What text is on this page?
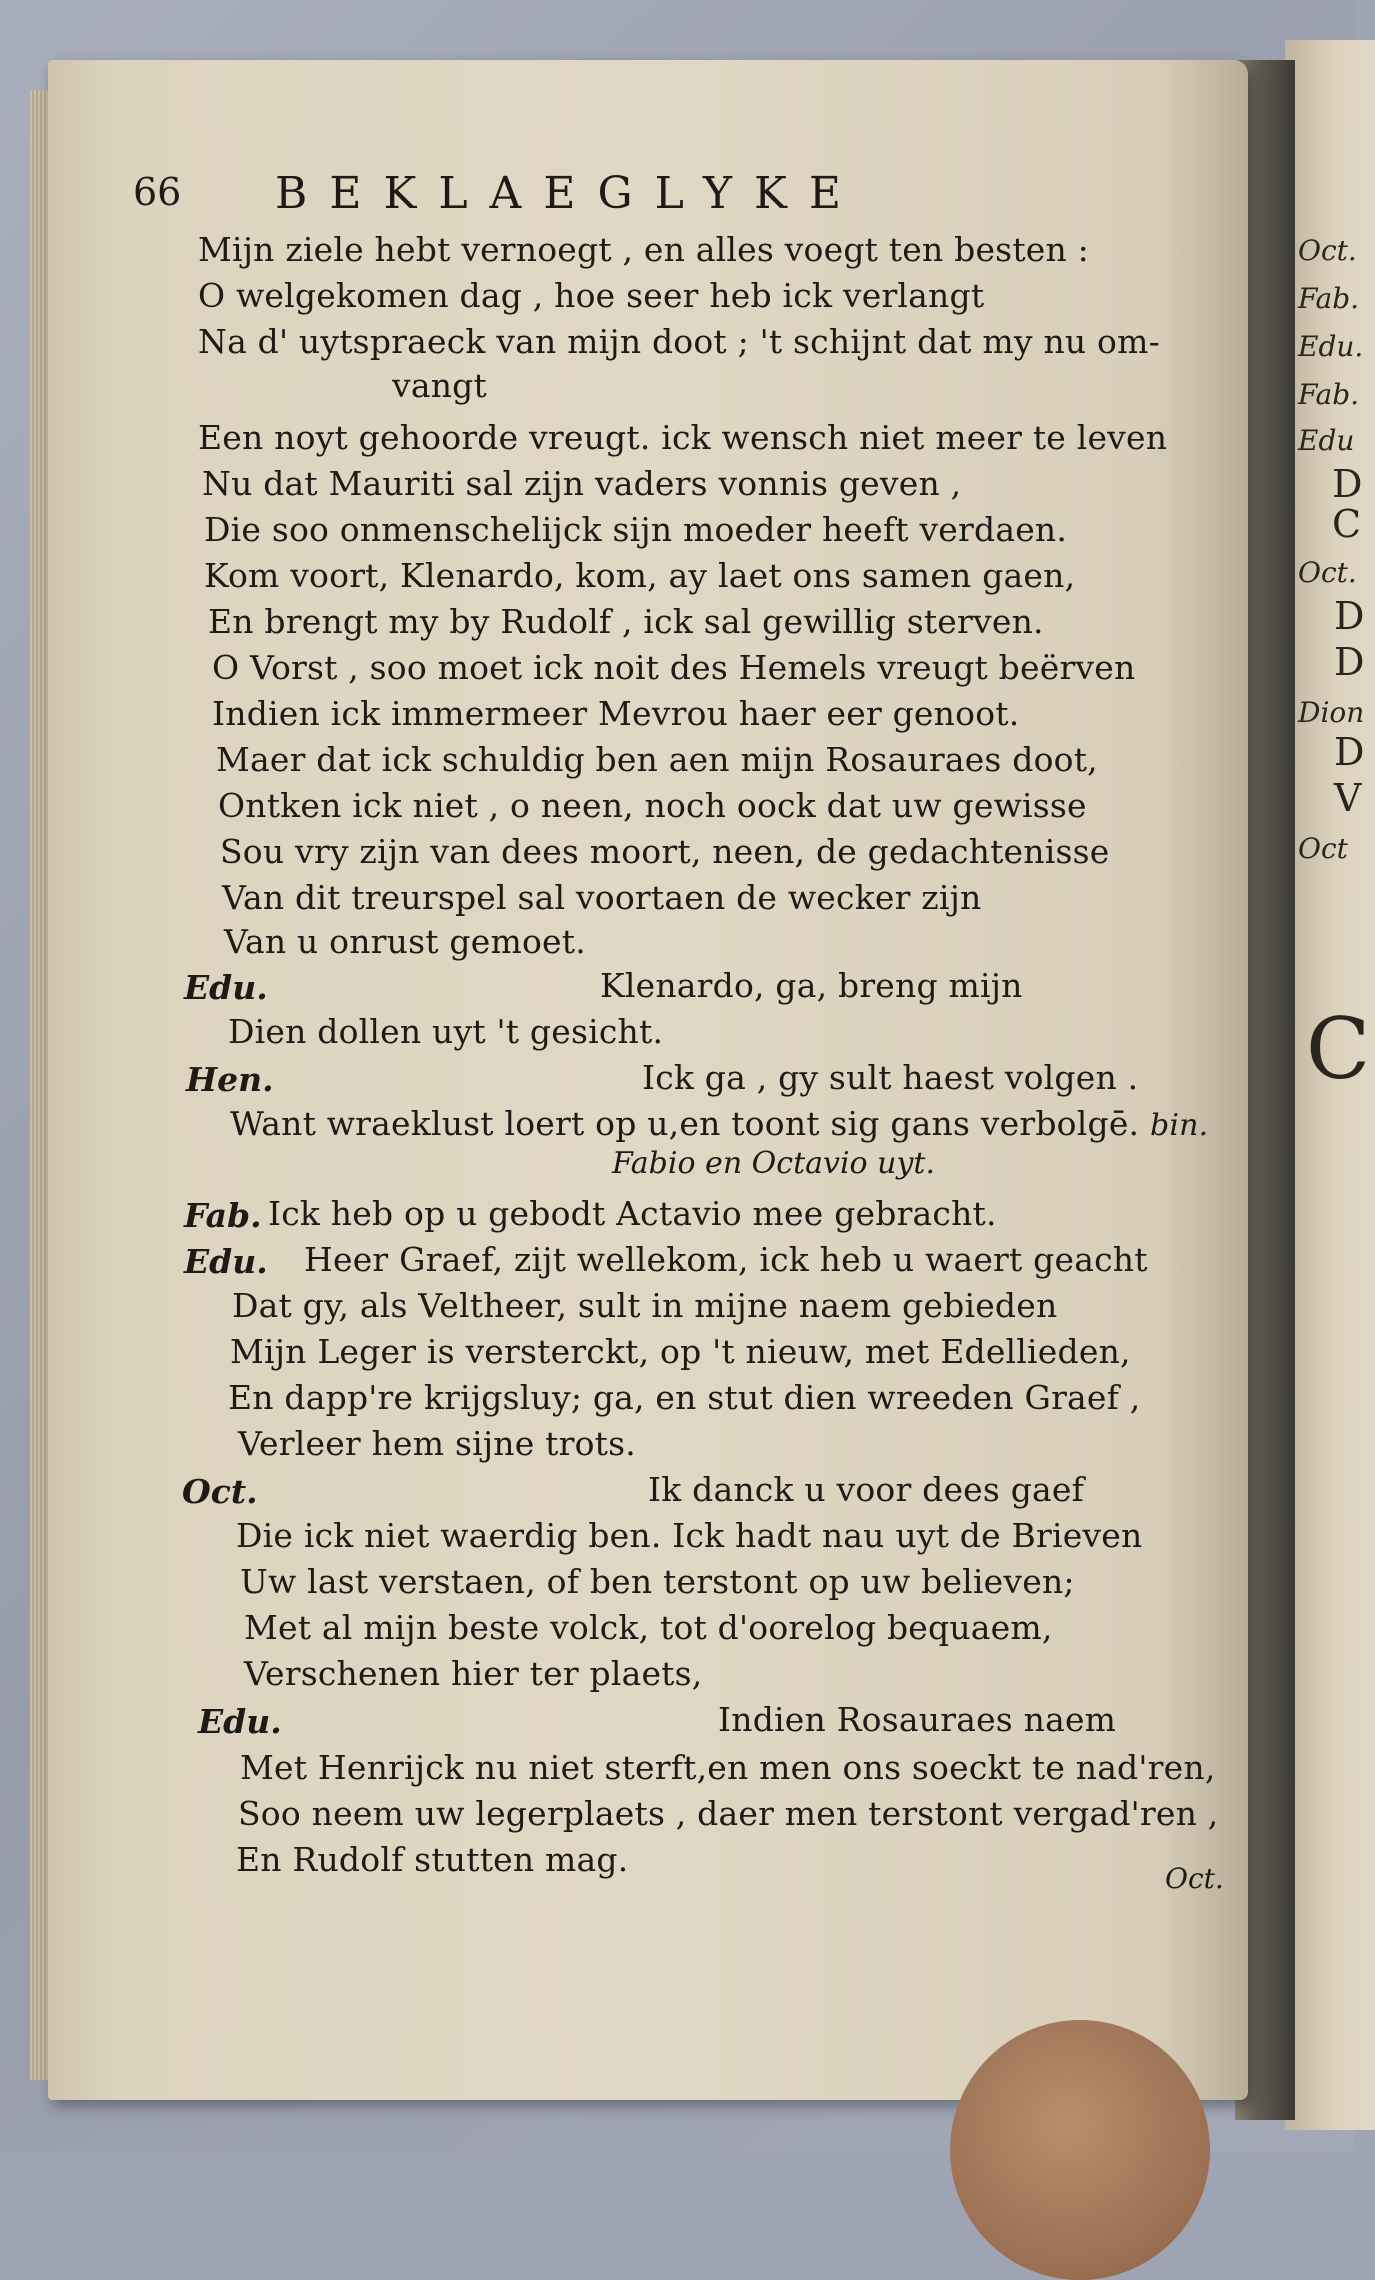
66 BEKLAEGLYKE
Mijn ziele hebt vernoegt , en alles voegt ten besten :
O welgekomen dag , hoe seer heb ick verlangt
Na d' uytspraeck van mijn doot ; 't schijnt dat my nu om-
vangt
Een noyt gehoorde vreugt. ick wensch niet meer te leven
Nu dat Mauriti sal zijn vaders vonnis geven ,
Die soo onmenschelijck sijn moeder heeft verdaen.
Kom voort, Klenardo, kom, ay laet ons samen gaen,
En brengt my by Rudolf , ick sal gewillig sterven.
O Vorst , soo moet ick noit des Hemels vreugt beërven
Indien ick immermeer Mevrou haer eer genoot.
Maer dat ick schuldig ben aen mijn Rosauraes doot,
Ontken ick niet , o neen, noch oock dat uw gewisse
Sou vry zijn van dees moort, neen, de gedachtenisse
Van dit treurspel sal voortaen de wecker zijn
Van u onrust gemoet.
Edu.	Klenardo, ga, breng mijn
Dien dollen uyt 't gesicht.
Hen.	Ick ga , gy sult haest volgen .
Want wraeklust loert op u,en toont sig gans verbolgē. bin.
Fabio en Octavio uyt.
Fab. Ick heb op u gebodt Actavio mee gebracht.
Edu. Heer Graef, zijt wellekom, ick heb u waert geacht
Dat gy, als Veltheer, sult in mijne naem gebieden
Mijn Leger is versterckt, op 't nieuw, met Edellieden,
En dapp're krijgsluy; ga, en stut dien wreeden Graef ,
Verleer hem sijne trots.
Oct.	Ik danck u voor dees gaef
Die ick niet waerdig ben. Ick hadt nau uyt de Brieven
Uw last verstaen, of ben terstont op uw believen;
Met al mijn beste volck, tot d'oorelog bequaem,
Verschenen hier ter plaets,
Edu.	Indien Rosauraes naem
Met Henrijck nu niet sterft,en men ons soeckt te nad'ren,
Soo neem uw legerplaets , daer men terstont vergad'ren ,
En Rudolf stutten mag.	Oct.
Oct.
Fab.
Edu.
Fab.
Edu
D
C
Oct.
D
D
Dion
D
V
Oct
C
